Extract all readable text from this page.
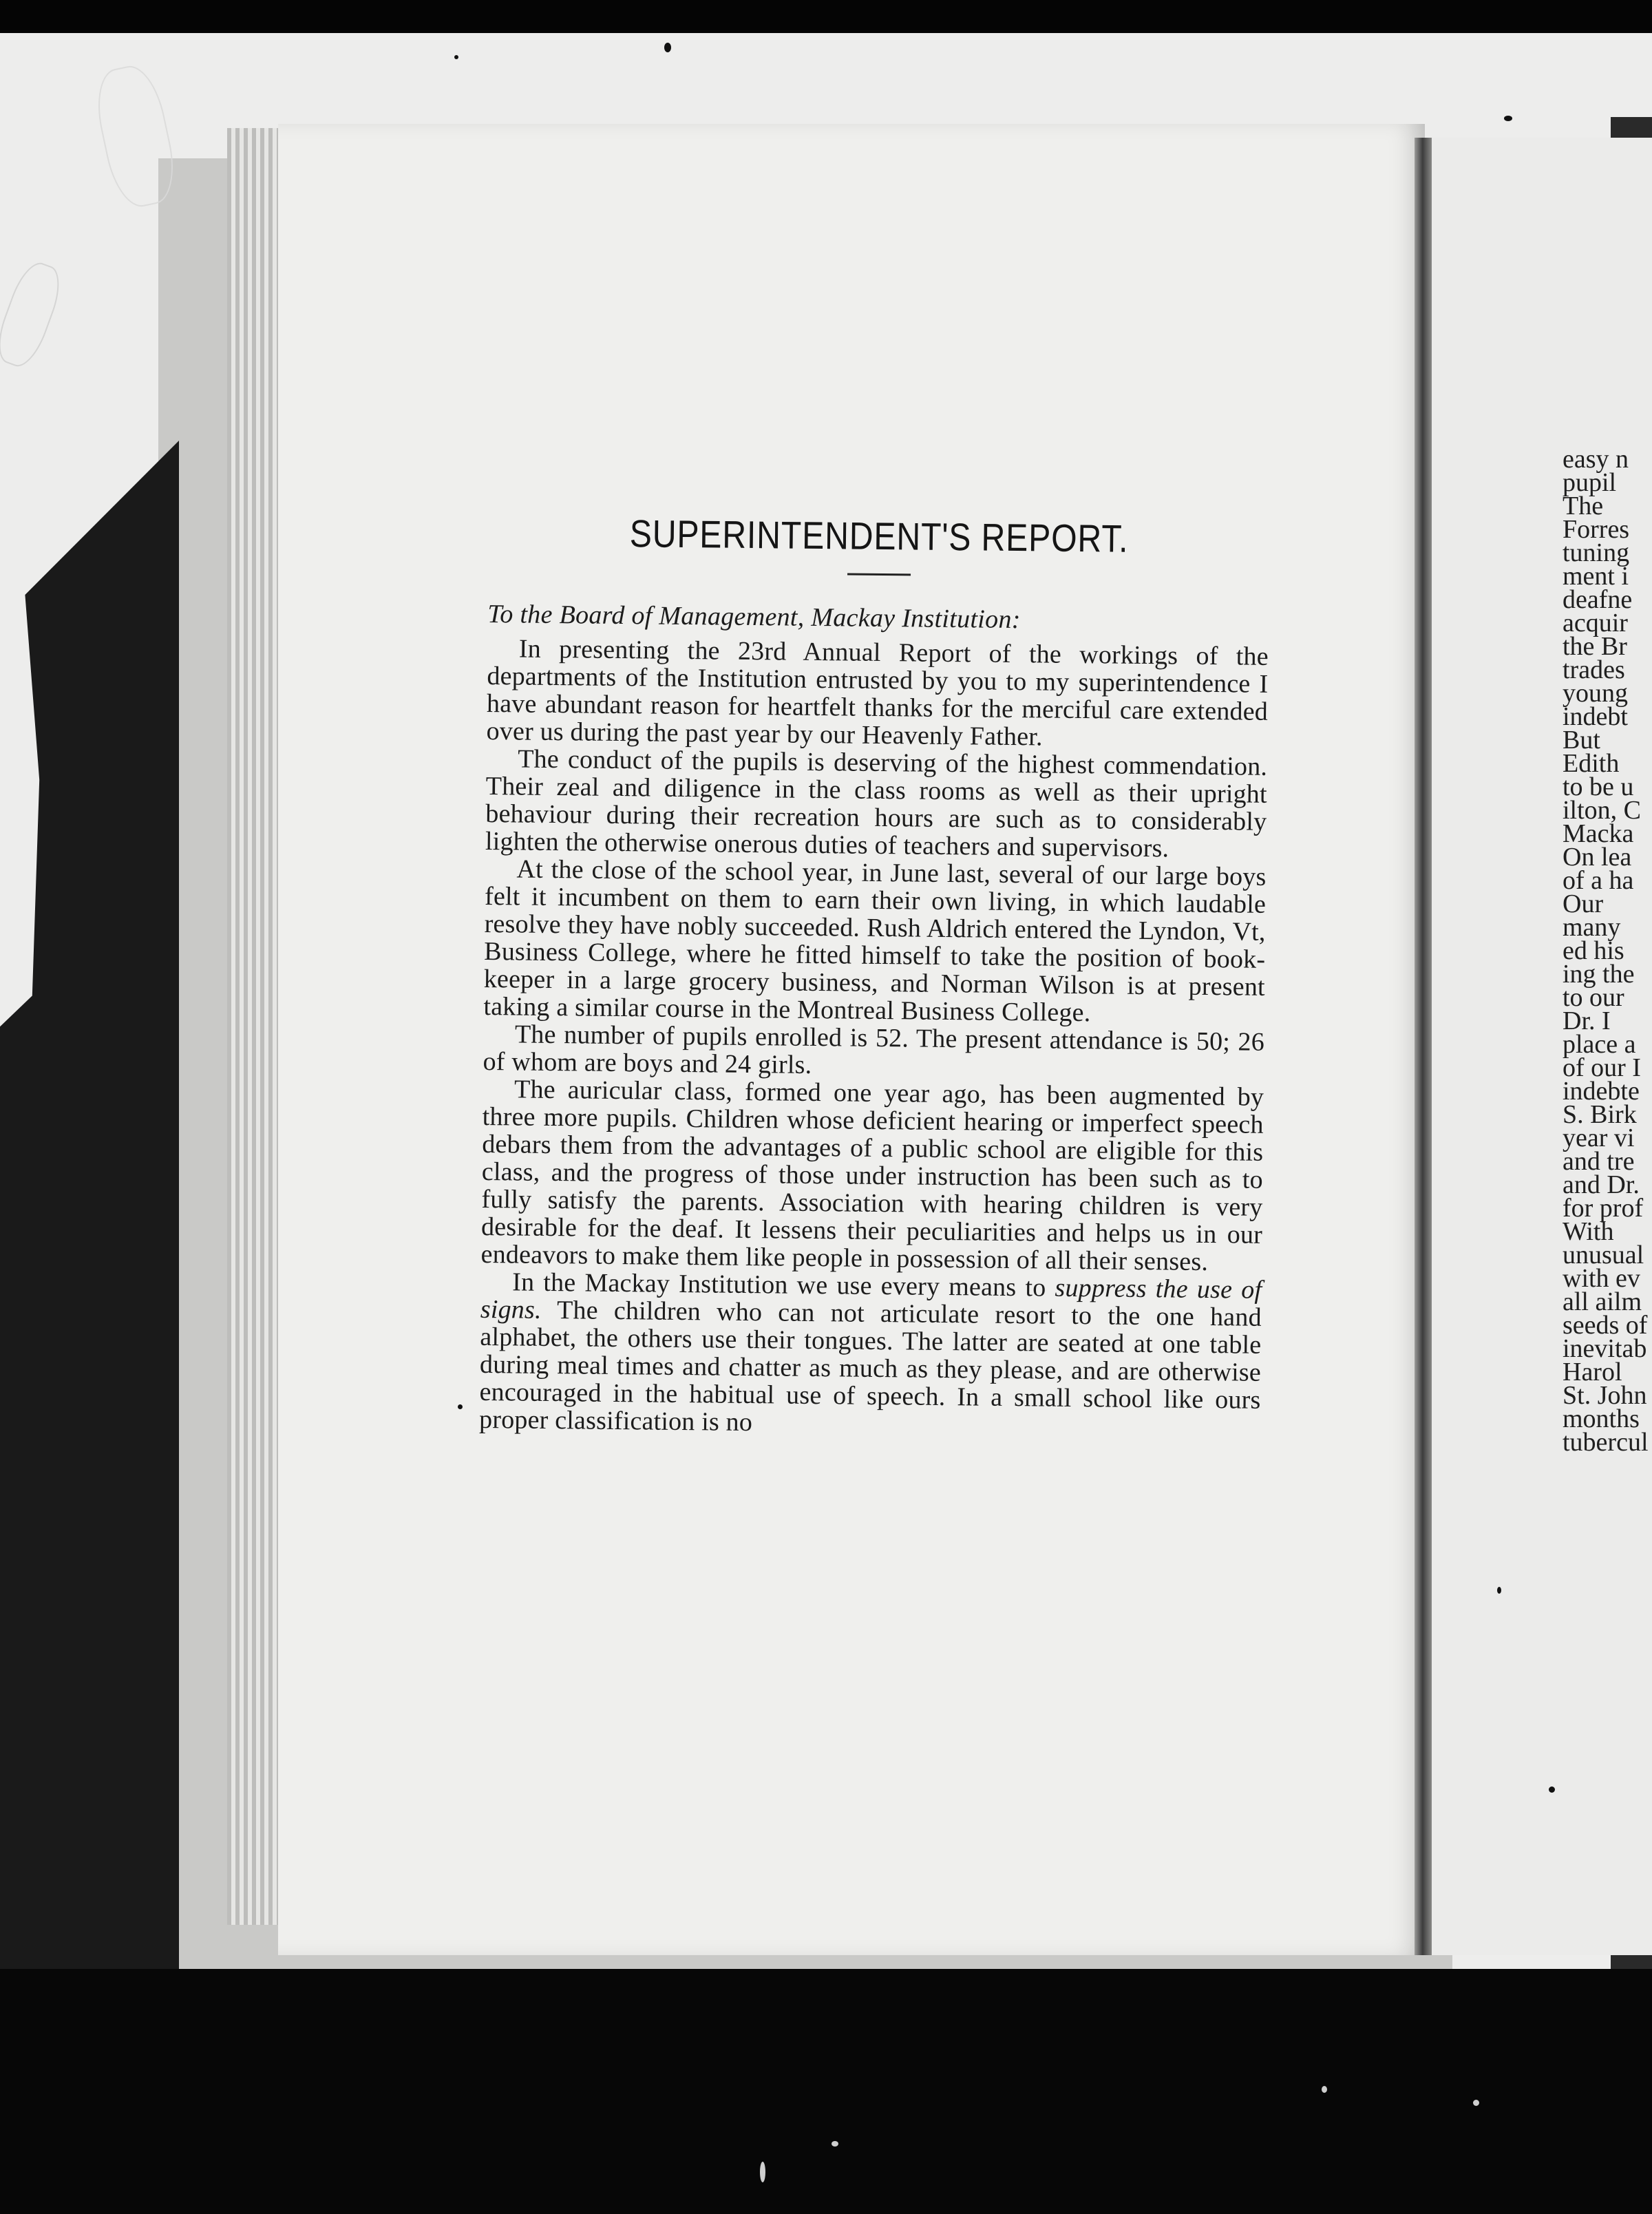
SUPERINTENDENT'S REPORT.

To the Board of Management, Mackay Institution:

In presenting the 23rd Annual Report of the workings of the departments of the Institution entrusted by you to my superintendence I have abundant reason for heartfelt thanks for the merciful care extended over us during the past year by our Heavenly Father.

The conduct of the pupils is deserving of the highest commendation. Their zeal and diligence in the class rooms as well as their upright behaviour during their recreation hours are such as to considerably lighten the otherwise onerous duties of teachers and supervisors.

At the close of the school year, in June last, several of our large boys felt it incumbent on them to earn their own living, in which laudable resolve they have nobly succeeded. Rush Aldrich entered the Lyndon, Vt, Business College, where he fitted himself to take the position of book-keeper in a large grocery business, and Norman Wilson is at present taking a similar course in the Montreal Business College.

The number of pupils enrolled is 52. The present attendance is 50; 26 of whom are boys and 24 girls.

The auricular class, formed one year ago, has been augmented by three more pupils. Children whose deficient hearing or imperfect speech debars them from the advantages of a public school are eligible for this class, and the progress of those under instruction has been such as to fully satisfy the parents. Association with hearing children is very desirable for the deaf. It lessens their peculiarities and helps us in our endeavors to make them like people in possession of all their senses.

In the Mackay Institution we use every means to suppress the use of signs. The children who can not articulate resort to the one hand alphabet, the others use their tongues. The latter are seated at one table during meal times and chatter as much as they please, and are otherwise encouraged in the habitual use of speech. In a small school like ours proper classification is no

easy n
pupil
The
Forres
tuning
ment i
deafne
acquir
the Br
trades
young
indebt
But
Edith
to be u
ilton, C
Macka
On lea
of a ha
Our
many
ed his
ing the
to our
Dr. I
place a
of our I
indebte
S. Birk
year vi
and tre
and Dr.
for prof
With
unusual
with ev
all ailm
seeds of
inevitab
Harol
St. John
months
tubercul
